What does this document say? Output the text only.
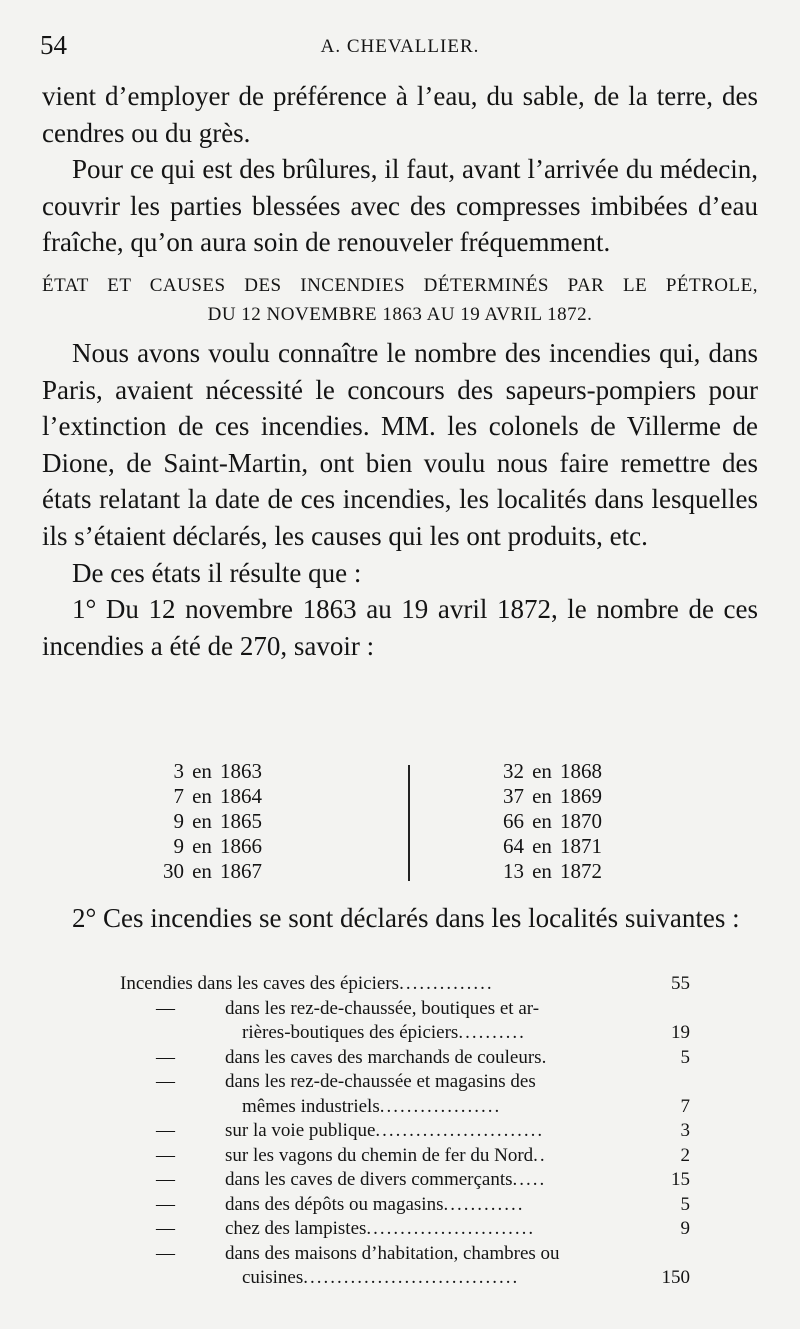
54	A. CHEVALLIER.

vient d’employer de préférence à l’eau, du sable, de la terre, des cendres ou du grès.

Pour ce qui est des brûlures, il faut, avant l’arrivée du médecin, couvrir les parties blessées avec des compresses imbibées d’eau fraîche, qu’on aura soin de renouveler fréquemment.

ÉTAT ET CAUSES DES INCENDIES DÉTERMINÉS PAR LE PÉTROLE,
DU 12 NOVEMBRE 1863 AU 19 AVRIL 1872.

Nous avons voulu connaître le nombre des incendies qui, dans Paris, avaient nécessité le concours des sapeurs-pompiers pour l’extinction de ces incendies. MM. les colonels de Villerme de Dione, de Saint-Martin, ont bien voulu nous faire remettre des états relatant la date de ces incendies, les localités dans lesquelles ils s’étaient déclarés, les causes qui les ont produits, etc.

De ces états il résulte que :

1° Du 12 novembre 1863 au 19 avril 1872, le nombre de ces incendies a été de 270, savoir :

3 en 1863
7 en 1864
9 en 1865
9 en 1866
30 en 1867
32 en 1868
37 en 1869
66 en 1870
64 en 1871
13 en 1872

2° Ces incendies se sont déclarés dans les localités suivantes :

Incendies dans les caves des épiciers..............	55
—	dans les rez-de-chaussée, boutiques et ar-
rières-boutiques des épiciers..........	19
—	dans les caves des marchands de couleurs.	5
—	dans les rez-de-chaussée et magasins des
mêmes industriels..................	7
—	sur la voie publique.........................	3
—	sur les vagons du chemin de fer du Nord..	2
—	dans les caves de divers commerçants.....	15
—	dans des dépôts ou magasins............	5
—	chez des lampistes.........................	9
—	dans des maisons d’habitation, chambres ou
cuisines................................	150
